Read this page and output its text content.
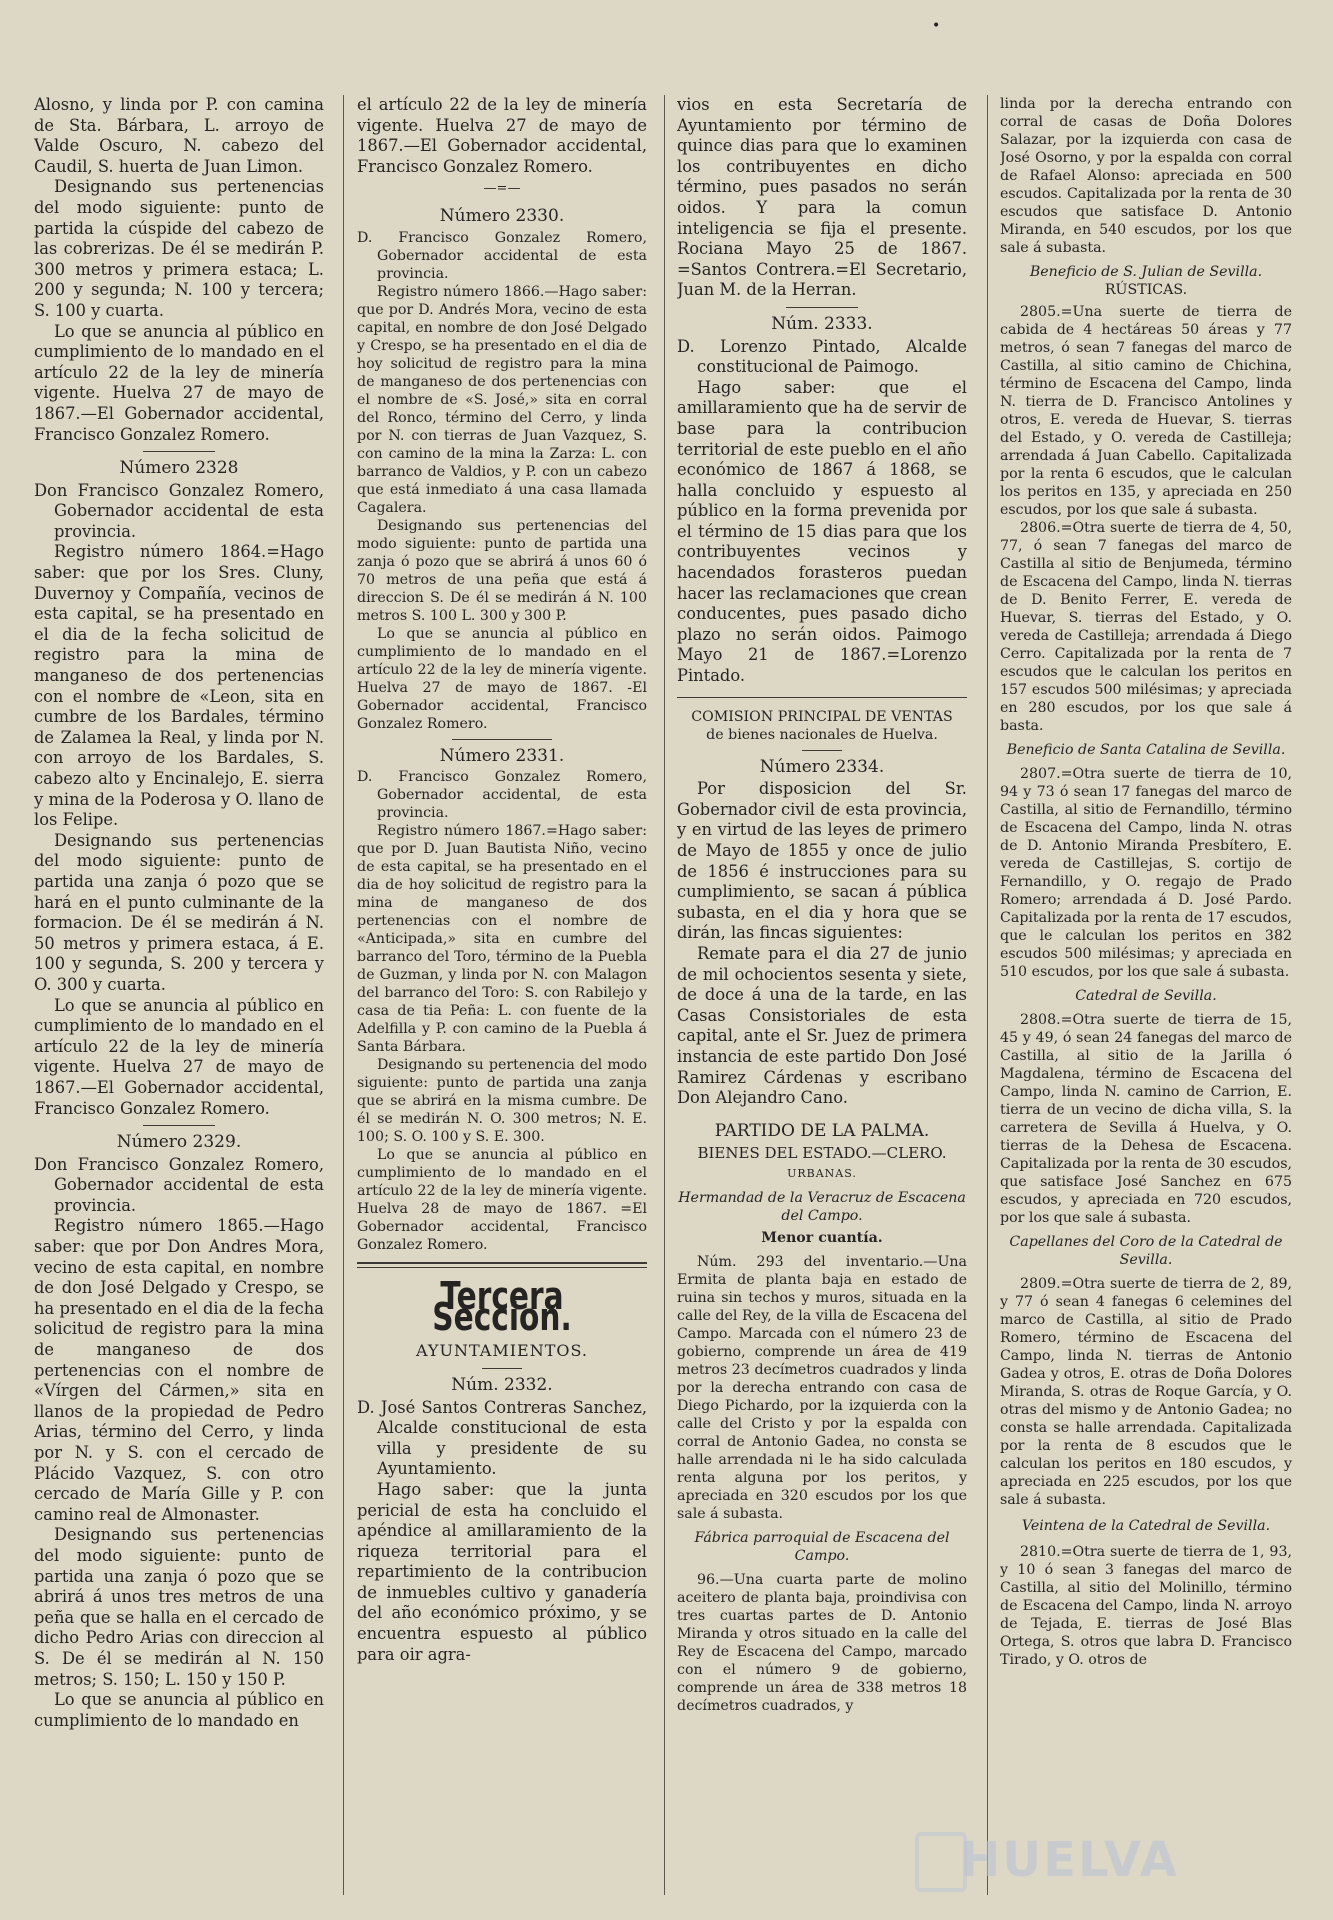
•

Alosno, y linda por P. con camina de Sta. Bárbara, L. arroyo de Valde Oscuro, N. cabezo del Caudil, S. huerta de Juan Limon.

Designando sus pertenencias del modo siguiente: punto de partida la cúspide del cabezo de las cobrerizas. De él se medirán P. 300 metros y primera estaca; L. 200 y segunda; N. 100 y tercera; S. 100 y cuarta.

Lo que se anuncia al público en cumplimiento de lo mandado en el artículo 22 de la ley de minería vigente. Huelva 27 de mayo de 1867.—El Gobernador accidental, Francisco Gonzalez Romero.

Número 2328

Don Francisco Gonzalez Romero, Gobernador accidental de esta provincia.

Registro número 1864.=Hago saber: que por los Sres. Cluny, Duvernoy y Compañía, vecinos de esta capital, se ha presentado en el dia de la fecha solicitud de registro para la mina de manganeso de dos pertenencias con el nombre de «Leon, sita en cumbre de los Bardales, término de Zalamea la Real, y linda por N. con arroyo de los Bardales, S. cabezo alto y Encinalejo, E. sierra y mina de la Poderosa y O. llano de los Felipe.

Designando sus pertenencias del modo siguiente: punto de partida una zanja ó pozo que se hará en el punto culminante de la formacion. De él se medirán á N. 50 metros y primera estaca, á E. 100 y segunda, S. 200 y tercera y O. 300 y cuarta.

Lo que se anuncia al público en cumplimiento de lo mandado en el artículo 22 de la ley de minería vigente. Huelva 27 de mayo de 1867.—El Gobernador accidental, Francisco Gonzalez Romero.

Número 2329.

Don Francisco Gonzalez Romero, Gobernador accidental de esta provincia.

Registro número 1865.—Hago saber: que por Don Andres Mora, vecino de esta capital, en nombre de don José Delgado y Crespo, se ha presentado en el dia de la fecha solicitud de registro para la mina de manganeso de dos pertenencias con el nombre de «Vírgen del Cármen,» sita en llanos de la propiedad de Pedro Arias, término del Cerro, y linda por N. y S. con el cercado de Plácido Vazquez, S. con otro cercado de María Gille y P. con camino real de Almonaster.

Designando sus pertenencias del modo siguiente: punto de partida una zanja ó pozo que se abrirá á unos tres metros de una peña que se halla en el cercado de dicho Pedro Arias con direccion al S. De él se medirán al N. 150 metros; S. 150; L. 150 y 150 P.

Lo que se anuncia al público en cumplimiento de lo mandado en

el artículo 22 de la ley de minería vigente. Huelva 27 de mayo de 1867.—El Gobernador accidental, Francisco Gonzalez Romero.

—=—
Número 2330.

D. Francisco Gonzalez Romero, Gobernador accidental de esta provincia.

Registro número 1866.—Hago saber: que por D. Andrés Mora, vecino de esta capital, en nombre de don José Delgado y Crespo, se ha presentado en el dia de hoy solicitud de registro para la mina de manganeso de dos pertenencias con el nombre de «S. José,» sita en corral del Ronco, término del Cerro, y linda por N. con tierras de Juan Vazquez, S. con camino de la mina la Zarza: L. con barranco de Valdios, y P. con un cabezo que está inmediato á una casa llamada Cagalera.

Designando sus pertenencias del modo siguiente: punto de partida una zanja ó pozo que se abrirá á unos 60 ó 70 metros de una peña que está á direccion S. De él se medirán á N. 100 metros S. 100 L. 300 y 300 P.

Lo que se anuncia al público en cumplimiento de lo mandado en el artículo 22 de la ley de minería vigente. Huelva 27 de mayo de 1867. -El Gobernador accidental, Francisco Gonzalez Romero.

Número 2331.

D. Francisco Gonzalez Romero, Gobernador accidental, de esta provincia.

Registro número 1867.=Hago saber: que por D. Juan Bautista Niño, vecino de esta capital, se ha presentado en el dia de hoy solicitud de registro para la mina de manganeso de dos pertenencias con el nombre de «Anticipada,» sita en cumbre del barranco del Toro, término de la Puebla de Guzman, y linda por N. con Malagon del barranco del Toro: S. con Rabilejo y casa de tia Peña: L. con fuente de la Adelfilla y P. con camino de la Puebla á Santa Bárbara.

Designando su pertenencia del modo siguiente: punto de partida una zanja que se abrirá en la misma cumbre. De él se medirán N. O. 300 metros; N. E. 100; S. O. 100 y S. E. 300.

Lo que se anuncia al público en cumplimiento de lo mandado en el artículo 22 de la ley de minería vigente. Huelva 28 de mayo de 1867. =El Gobernador accidental, Francisco Gonzalez Romero.

Tercera Seccion.
AYUNTAMIENTOS.
Núm. 2332.

D. José Santos Contreras Sanchez, Alcalde constitucional de esta villa y presidente de su Ayuntamiento.

Hago saber: que la junta pericial de esta ha concluido el apéndice al amillaramiento de la riqueza territorial para el repartimiento de la contribucion de inmuebles cultivo y ganadería del año económico próximo, y se encuentra espuesto al público para oir agra-

vios en esta Secretaría de Ayuntamiento por término de quince dias para que lo examinen los contribuyentes en dicho término, pues pasados no serán oidos. Y para la comun inteligencia se fija el presente. Rociana Mayo 25 de 1867. =Santos Contrera.=El Secretario, Juan M. de la Herran.

Núm. 2333.

D. Lorenzo Pintado, Alcalde constitucional de Paimogo.

Hago saber: que el amillaramiento que ha de servir de base para la contribucion territorial de este pueblo en el año económico de 1867 á 1868, se halla concluido y espuesto al público en la forma prevenida por el término de 15 dias para que los contribuyentes vecinos y hacendados forasteros puedan hacer las reclamaciones que crean conducentes, pues pasado dicho plazo no serán oidos. Paimogo Mayo 21 de 1867.=Lorenzo Pintado.

COMISION PRINCIPAL DE VENTAS
de bienes nacionales de Huelva.
Número 2334.

Por disposicion del Sr. Gobernador civil de esta provincia, y en virtud de las leyes de primero de Mayo de 1855 y once de julio de 1856 é instrucciones para su cumplimiento, se sacan á pública subasta, en el dia y hora que se dirán, las fincas siguientes:

Remate para el dia 27 de junio de mil ochocientos sesenta y siete, de doce á una de la tarde, en las Casas Consistoriales de esta capital, ante el Sr. Juez de primera instancia de este partido Don José Ramirez Cárdenas y escribano Don Alejandro Cano.

PARTIDO DE LA PALMA.
BIENES DEL ESTADO.—CLERO.
URBANAS.
Hermandad de la Veracruz de Escacena del Campo.
Menor cuantía.

Núm. 293 del inventario.—Una Ermita de planta baja en estado de ruina sin techos y muros, situada en la calle del Rey, de la villa de Escacena del Campo. Marcada con el número 23 de gobierno, comprende un área de 419 metros 23 decímetros cuadrados y linda por la derecha entrando con casa de Diego Pichardo, por la izquierda con la calle del Cristo y por la espalda con corral de Antonio Gadea, no consta se halle arrendada ni le ha sido calculada renta alguna por los peritos, y apreciada en 320 escudos por los que sale á subasta.

Fábrica parroquial de Escacena del Campo.

96.—Una cuarta parte de molino aceitero de planta baja, proindivisa con tres cuartas partes de D. Antonio Miranda y otros situado en la calle del Rey de Escacena del Campo, marcado con el número 9 de gobierno, comprende un área de 338 metros 18 decímetros cuadrados, y

linda por la derecha entrando con corral de casas de Doña Dolores Salazar, por la izquierda con casa de José Osorno, y por la espalda con corral de Rafael Alonso: apreciada en 500 escudos. Capitalizada por la renta de 30 escudos que satisface D. Antonio Miranda, en 540 escudos, por los que sale á subasta.

Beneficio de S. Julian de Sevilla.
RÚSTICAS.

2805.=Una suerte de tierra de cabida de 4 hectáreas 50 áreas y 77 metros, ó sean 7 fanegas del marco de Castilla, al sitio camino de Chichina, término de Escacena del Campo, linda N. tierra de D. Francisco Antolines y otros, E. vereda de Huevar, S. tierras del Estado, y O. vereda de Castilleja; arrendada á Juan Cabello. Capitalizada por la renta 6 escudos, que le calculan los peritos en 135, y apreciada en 250 escudos, por los que sale á subasta.

2806.=Otra suerte de tierra de 4, 50, 77, ó sean 7 fanegas del marco de Castilla al sitio de Benjumeda, término de Escacena del Campo, linda N. tierras de D. Benito Ferrer, E. vereda de Huevar, S. tierras del Estado, y O. vereda de Castilleja; arrendada á Diego Cerro. Capitalizada por la renta de 7 escudos que le calculan los peritos en 157 escudos 500 milésimas; y apreciada en 280 escudos, por los que sale á basta.

Beneficio de Santa Catalina de Sevilla.

2807.=Otra suerte de tierra de 10, 94 y 73 ó sean 17 fanegas del marco de Castilla, al sitio de Fernandillo, término de Escacena del Campo, linda N. otras de D. Antonio Miranda Presbítero, E. vereda de Castillejas, S. cortijo de Fernandillo, y O. regajo de Prado Romero; arrendada á D. José Pardo. Capitalizada por la renta de 17 escudos, que le calculan los peritos en 382 escudos 500 milésimas; y apreciada en 510 escudos, por los que sale á subasta.

Catedral de Sevilla.

2808.=Otra suerte de tierra de 15, 45 y 49, ó sean 24 fanegas del marco de Castilla, al sitio de la Jarilla ó Magdalena, término de Escacena del Campo, linda N. camino de Carrion, E. tierra de un vecino de dicha villa, S. la carretera de Sevilla á Huelva, y O. tierras de la Dehesa de Escacena. Capitalizada por la renta de 30 escudos, que satisface José Sanchez en 675 escudos, y apreciada en 720 escudos, por los que sale á subasta.

Capellanes del Coro de la Catedral de Sevilla.

2809.=Otra suerte de tierra de 2, 89, y 77 ó sean 4 fanegas 6 celemines del marco de Castilla, al sitio de Prado Romero, término de Escacena del Campo, linda N. tierras de Antonio Gadea y otros, E. otras de Doña Dolores Miranda, S. otras de Roque García, y O. otras del mismo y de Antonio Gadea; no consta se halle arrendada. Capitalizada por la renta de 8 escudos que le calculan los peritos en 180 escudos, y apreciada en 225 escudos, por los que sale á subasta.

Veintena de la Catedral de Sevilla.

2810.=Otra suerte de tierra de 1, 93, y 10 ó sean 3 fanegas del marco de Castilla, al sitio del Molinillo, término de Escacena del Campo, linda N. arroyo de Tejada, E. tierras de José Blas Ortega, S. otros que labra D. Francisco Tirado, y O. otros de

HUELVA
